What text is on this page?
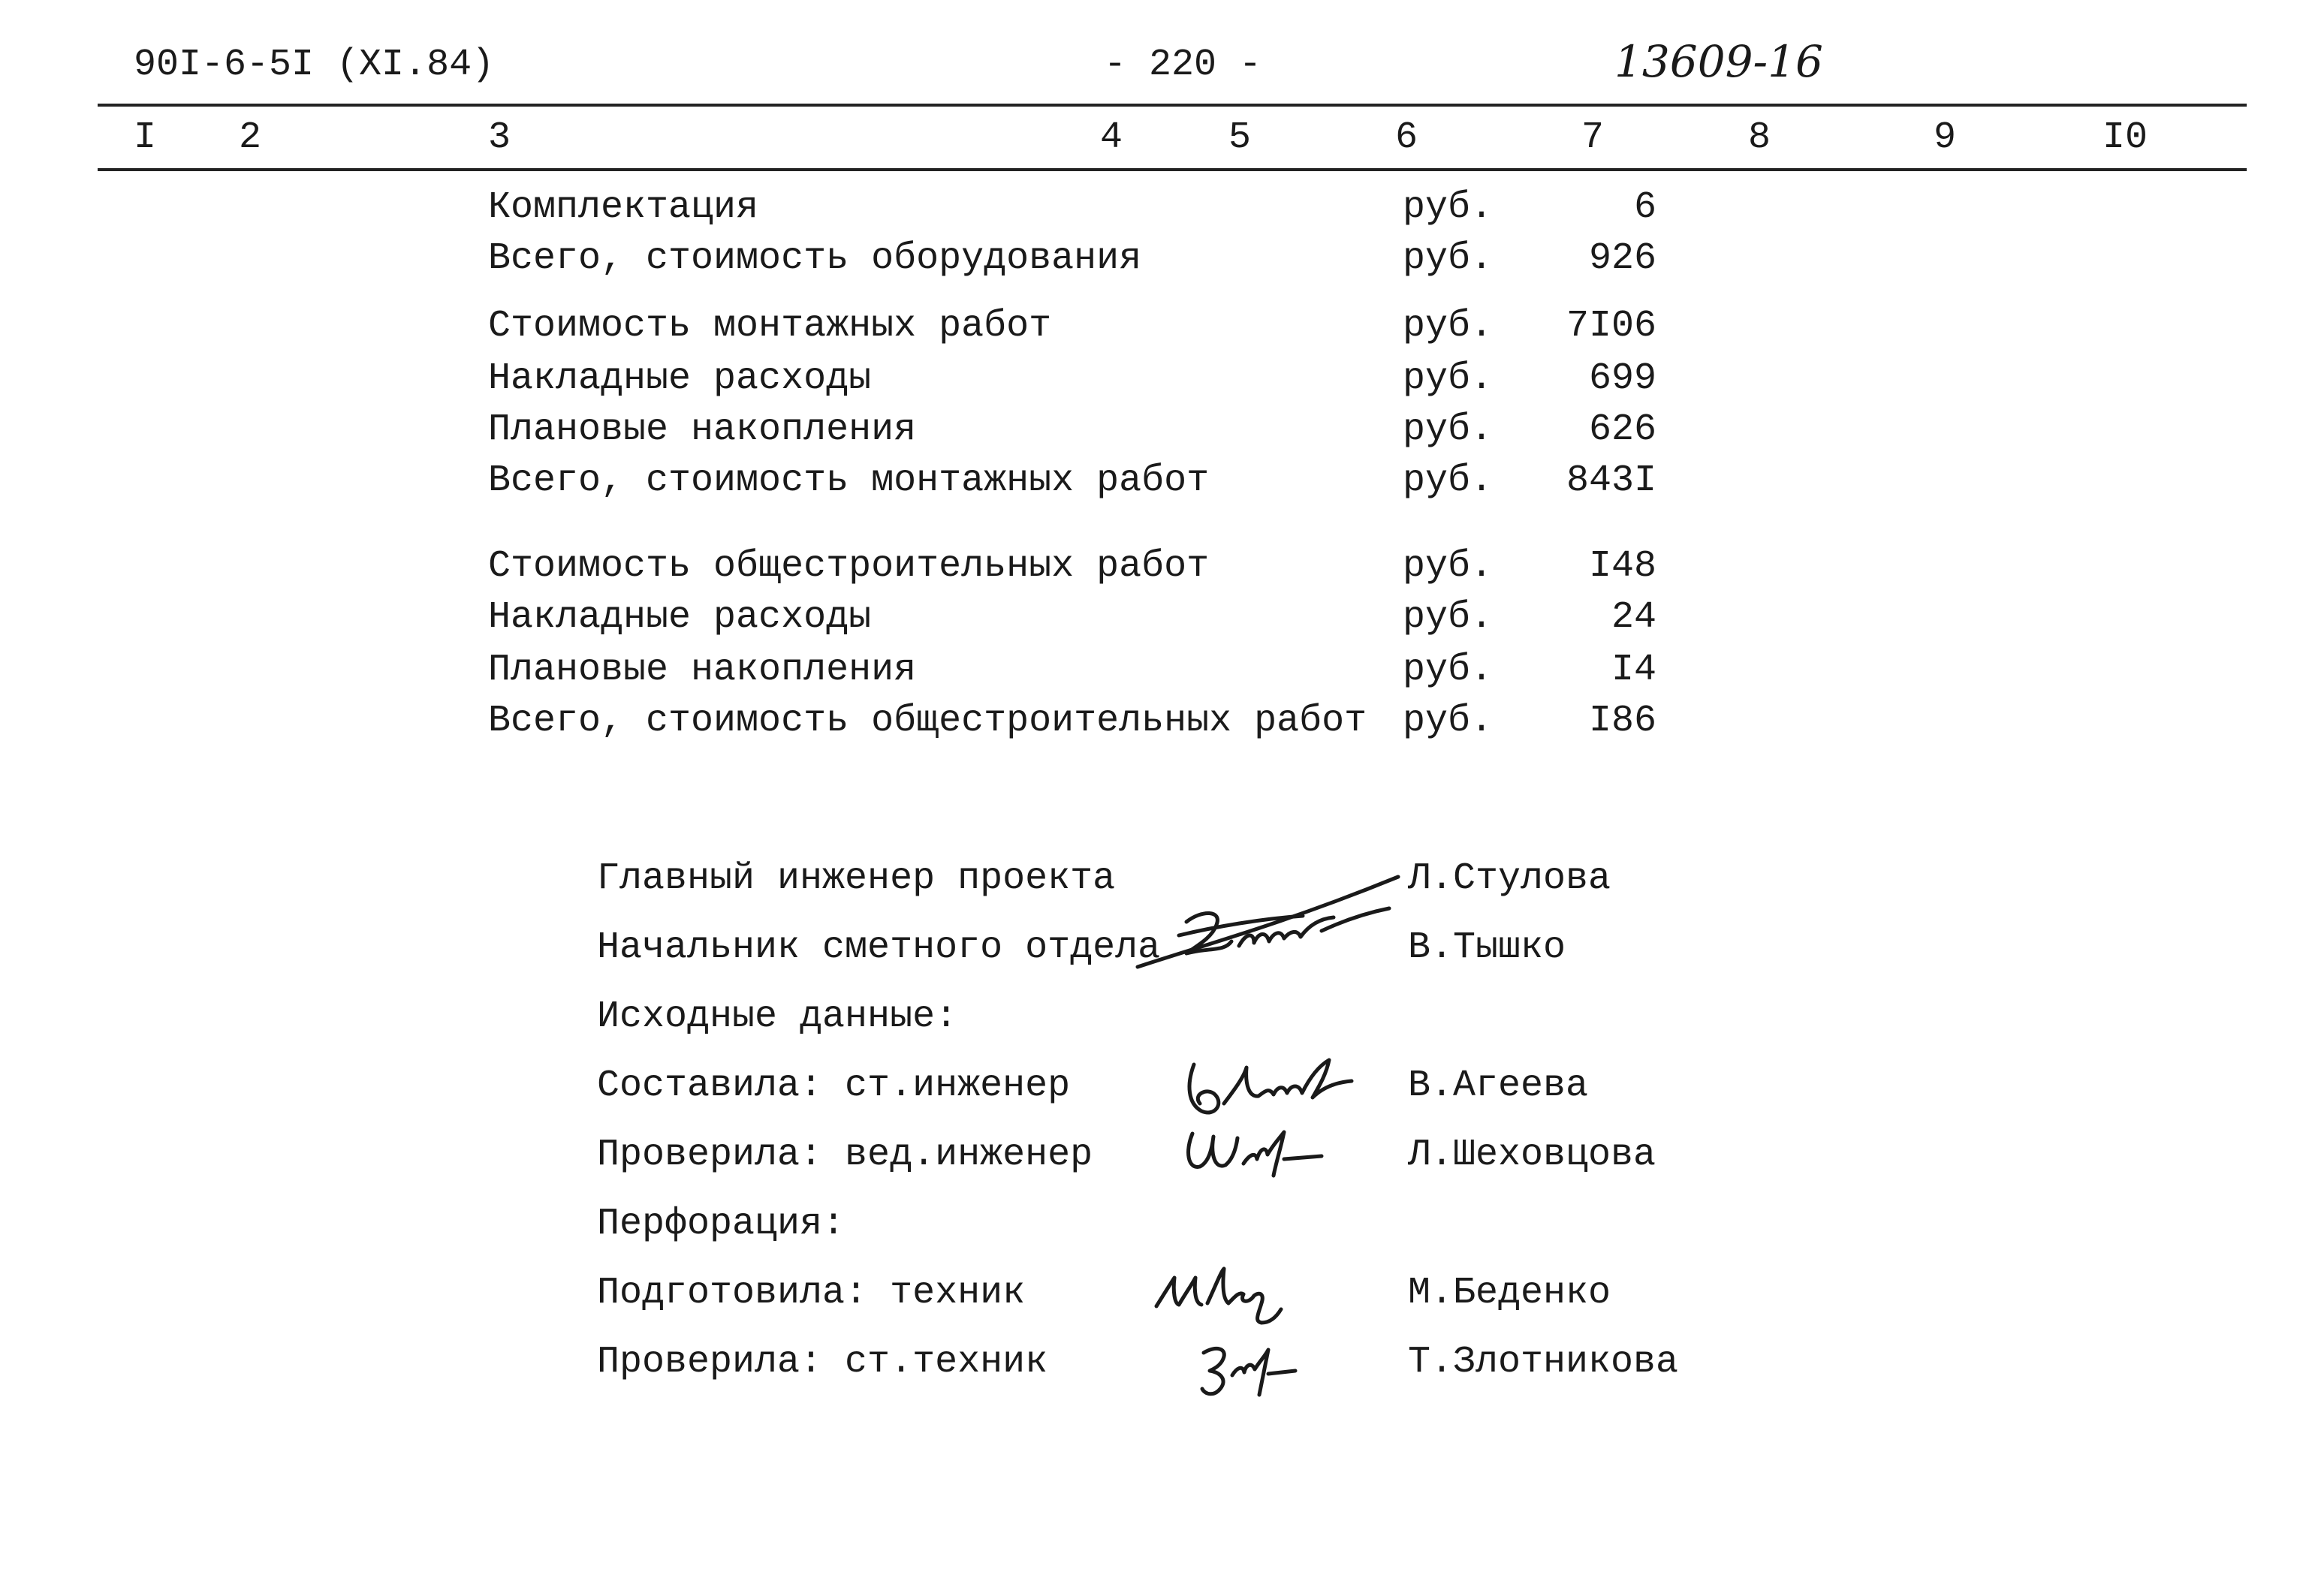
90I-6-5I (XI.84)	- 220 -	13609-16
I 2	3	4	5	6	7	8	9	I0
Комплектация	руб.	6
Всего, стоимость оборудования	руб.	926
Стоимость монтажных работ	руб. 7I06
Накладные расходы	руб.	699
Плановые накопления	руб.	626
Всего, стоимость монтажных работ	руб. 843I
Стоимость общестроительных работ	руб.	I48
Накладные расходы	руб.	24
Плановые накопления	руб.	I4
Всего, стоимость общестроительных работ руб.	I86
Главный инженер проекта	Л.Стулова
Начальник сметного отдела	В.Тышко
Исходные данные:
Составила: ст.инженер	В.Агеева
Проверила: вед.инженер	Л.Шеховцова
Перфорация:
Подготовила: техник	М.Беденко
Проверила: ст.техник	Т.Злотникова
